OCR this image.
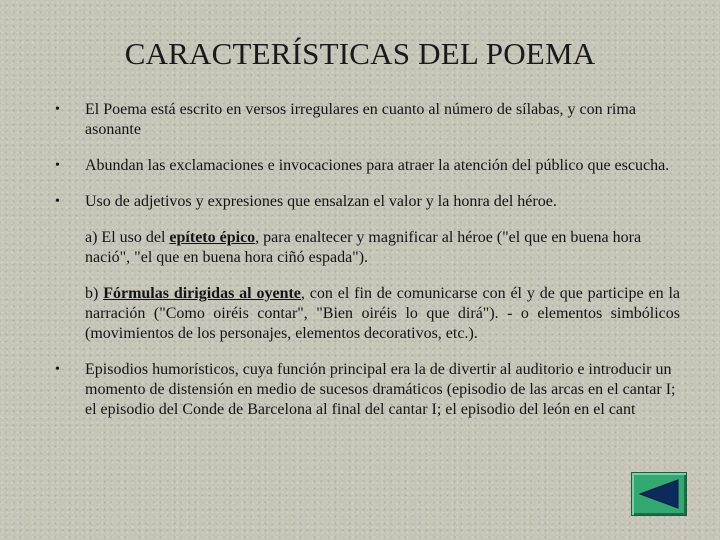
CARACTERÍSTICAS DEL POEMA
• El Poema está escrito en versos irregulares en cuanto al número de sílabas, y con rima asonante
• Abundan las exclamaciones e invocaciones para atraer la atención del público que escucha.
• Uso de adjetivos y expresiones que ensalzan el valor y la honra del héroe.
a) El uso del epíteto épico, para enaltecer y magnificar al héroe ("el que en buena hora nació", "el que en buena hora ciñó espada").
b) Fórmulas dirigidas al oyente, con el fin de comunicarse con él y de que participe en la narración ("Como oiréis contar", "Bien oiréis lo que dirá"). - o elementos simbólicos (movimientos de los personajes, elementos decorativos, etc.).
• Episodios humorísticos, cuya función principal era la de divertir al auditorio e introducir un momento de distensión en medio de sucesos dramáticos (episodio de las arcas en el cantar I; el episodio del Conde de Barcelona al final del cantar I; el episodio del león en el cant
